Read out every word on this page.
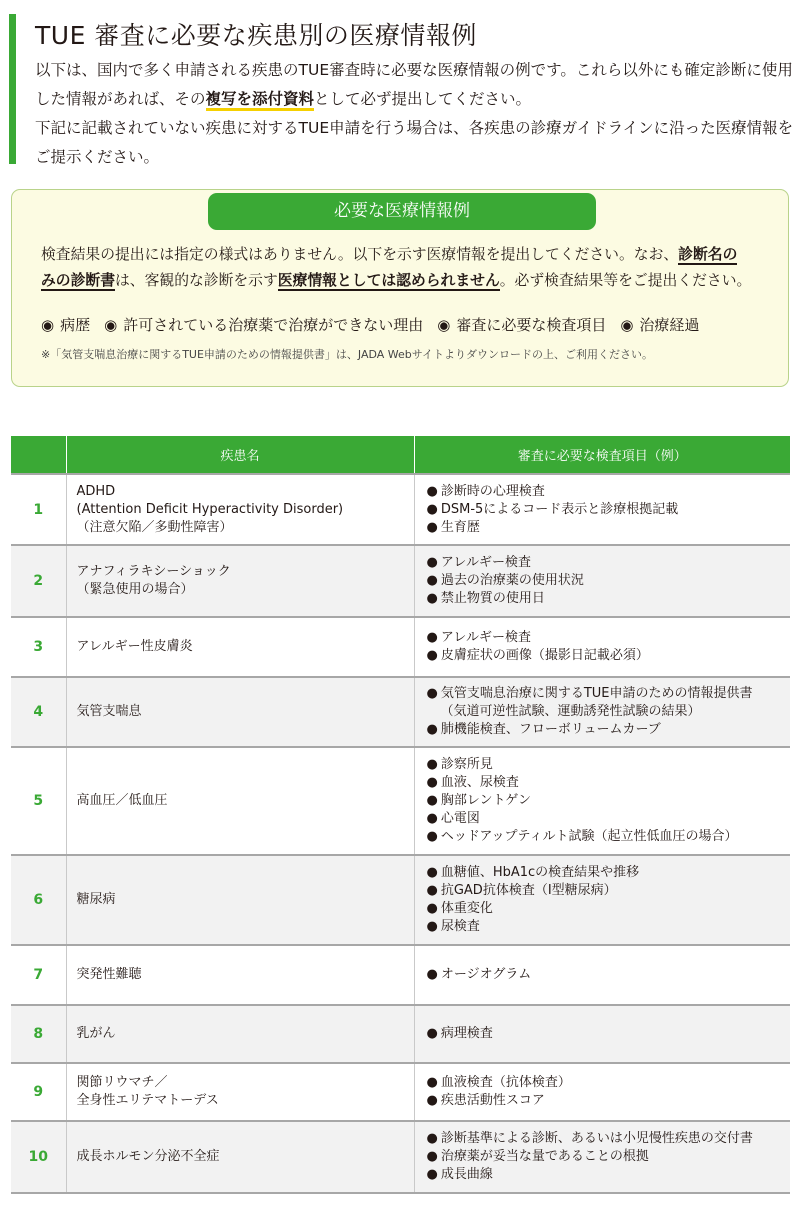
TUE 審査に必要な疾患別の医療情報例

以下は、国内で多く申請される疾患のTUE審査時に必要な医療情報の例です。これら以外にも確定診断に使用した情報があれば、その複写を添付資料として必ず提出してください。

下記に記載されていない疾患に対するTUE申請を行う場合は、各疾患の診療ガイドラインに沿った医療情報をご提示ください。

必要な医療情報例

検査結果の提出には指定の様式はありません。以下を示す医療情報を提出してください。なお、診断名の
みの診断書は、客観的な診断を示す医療情報としては認められません。必ず検査結果等をご提出ください。

◉ 病歴 ◉ 許可されている治療薬で治療ができない理由 ◉ 審査に必要な検査項目 ◉ 治療経過
※「気管支喘息治療に関するTUE申請のための情報提供書」は、JADA Webサイトよりダウンロードの上、ご利用ください。
	疾患名	審査に必要な検査項目（例）
1	ADHD
(Attention Deficit Hyperactivity Disorder)
（注意欠陥／多動性障害）	● 診断時の心理検査
● DSM-5によるコード表示と診療根拠記載
● 生育歴

2	アナフィラキシーショック
（緊急使用の場合）	● アレルギー検査
● 過去の治療薬の使用状況
● 禁止物質の使用日

3	アレルギー性皮膚炎	● アレルギー検査
● 皮膚症状の画像（撮影日記載必須）

4	気管支喘息	● 気管支喘息治療に関するTUE申請のための情報提供書
（気道可逆性試験、運動誘発性試験の結果）
● 肺機能検査、フローボリュームカーブ

5	高血圧／低血圧	● 診察所見
● 血液、尿検査
● 胸部レントゲン
● 心電図
● ヘッドアップティルト試験（起立性低血圧の場合）

6	糖尿病	● 血糖値、HbA1cの検査結果や推移
● 抗GAD抗体検査（I型糖尿病）
● 体重変化
● 尿検査

7	突発性難聴	● オージオグラム

8	乳がん	● 病理検査

9	関節リウマチ／
全身性エリテマトーデス	● 血液検査（抗体検査）
● 疾患活動性スコア

10	成長ホルモン分泌不全症	● 診断基準による診断、あるいは小児慢性疾患の交付書
● 治療薬が妥当な量であることの根拠
● 成長曲線
